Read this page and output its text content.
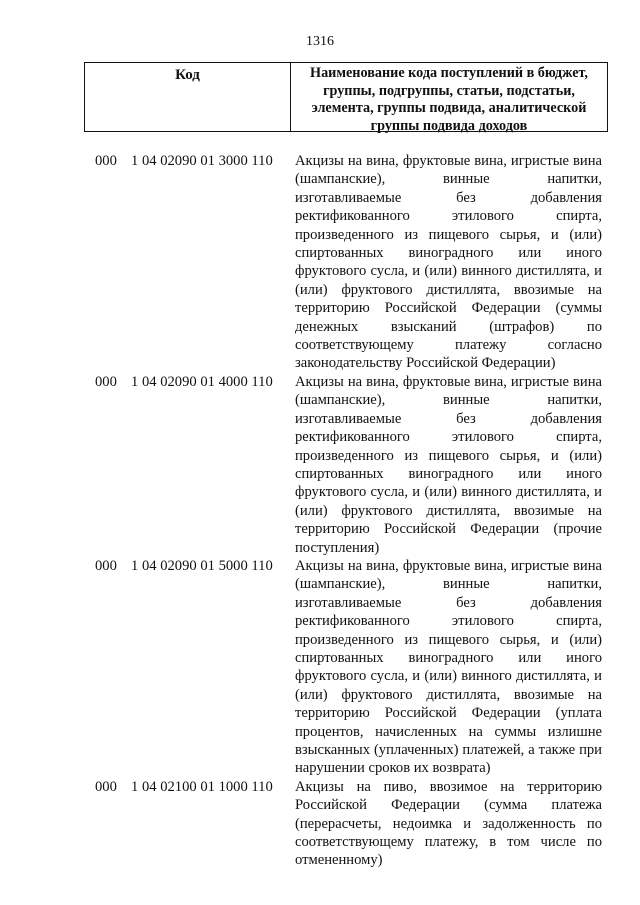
1316
Код	Наименование кода поступлений в бюджет, группы, подгруппы, статьи, подстатьи, элемента, группы подвида, аналитической группы подвида доходов
000 1 04 02090 01 3000 110 Акцизы на вина, фруктовые вина, игристые вина (шампанские), винные напитки, изготавливаемые без добавления ректификованного этилового спирта, произведенного из пищевого сырья, и (или) спиртованных виноградного или иного фруктового сусла, и (или) винного дистиллята, и (или) фруктового дистиллята, ввозимые на территорию Российской Федерации (суммы денежных взысканий (штрафов) по соответствующему платежу согласно законодательству Российской Федерации)
000 1 04 02090 01 4000 110 Акцизы на вина, фруктовые вина, игристые вина (шампанские), винные напитки, изготавливаемые без добавления ректификованного этилового спирта, произведенного из пищевого сырья, и (или) спиртованных виноградного или иного фруктового сусла, и (или) винного дистиллята, и (или) фруктового дистиллята, ввозимые на территорию Российской Федерации (прочие поступления)
000 1 04 02090 01 5000 110 Акцизы на вина, фруктовые вина, игристые вина (шампанские), винные напитки, изготавливаемые без добавления ректификованного этилового спирта, произведенного из пищевого сырья, и (или) спиртованных виноградного или иного фруктового сусла, и (или) винного дистиллята, и (или) фруктового дистиллята, ввозимые на территорию Российской Федерации (уплата процентов, начисленных на суммы излишне взысканных (уплаченных) платежей, а также при нарушении сроков их возврата)
000 1 04 02100 01 1000 110 Акцизы на пиво, ввозимое на территорию Российской Федерации (сумма платежа (перерасчеты, недоимка и задолженность по соответствующему платежу, в том числе по отмененному)
